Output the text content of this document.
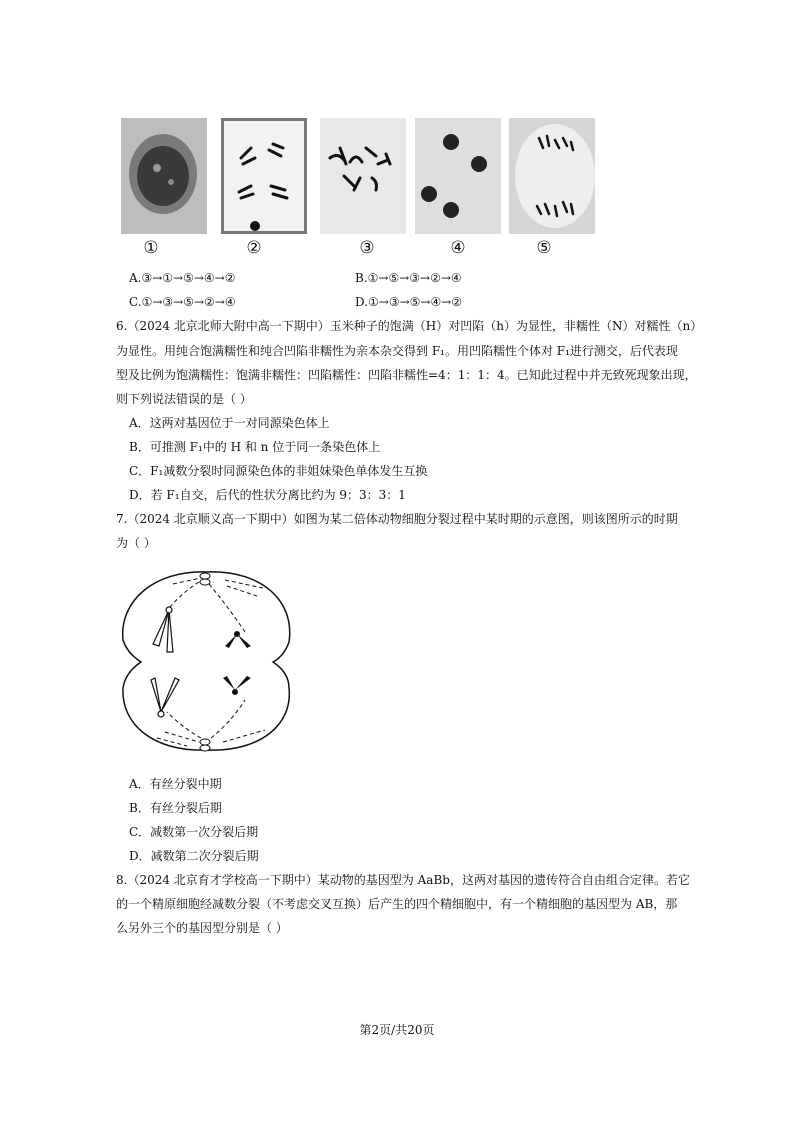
①	②	③	④	⑤
A.③→①→⑤→④→②	B.①→⑤→③→②→④
C.①→③→⑤→②→④	D.①→③→⑤→④→②
6.（2024 北京北师大附中高一下期中）玉米种子的饱满（H）对凹陷（h）为显性，非糯性（N）对糯性（n）
为显性。用纯合饱满糯性和纯合凹陷非糯性为亲本杂交得到 F₁。用凹陷糯性个体对 F₁进行测交，后代表现
型及比例为饱满糯性：饱满非糯性：凹陷糯性：凹陷非糯性=4：1：1：4。已知此过程中并无致死现象出现，
则下列说法错误的是（ ）
A．这两对基因位于一对同源染色体上
B．可推测 F₁中的 H 和 n 位于同一条染色体上
C．F₁减数分裂时同源染色体的非姐妹染色单体发生互换
D．若 F₁自交，后代的性状分离比约为 9：3：3：1
7.（2024 北京顺义高一下期中）如图为某二倍体动物细胞分裂过程中某时期的示意图，则该图所示的时期
为（ ）
A．有丝分裂中期
B．有丝分裂后期
C．减数第一次分裂后期
D．减数第二次分裂后期
8.（2024 北京育才学校高一下期中）某动物的基因型为 AaBb，这两对基因的遗传符合自由组合定律。若它
的一个精原细胞经减数分裂（不考虑交叉互换）后产生的四个精细胞中，有一个精细胞的基因型为 AB，那
么另外三个的基因型分别是（ ）
第2页/共20页
